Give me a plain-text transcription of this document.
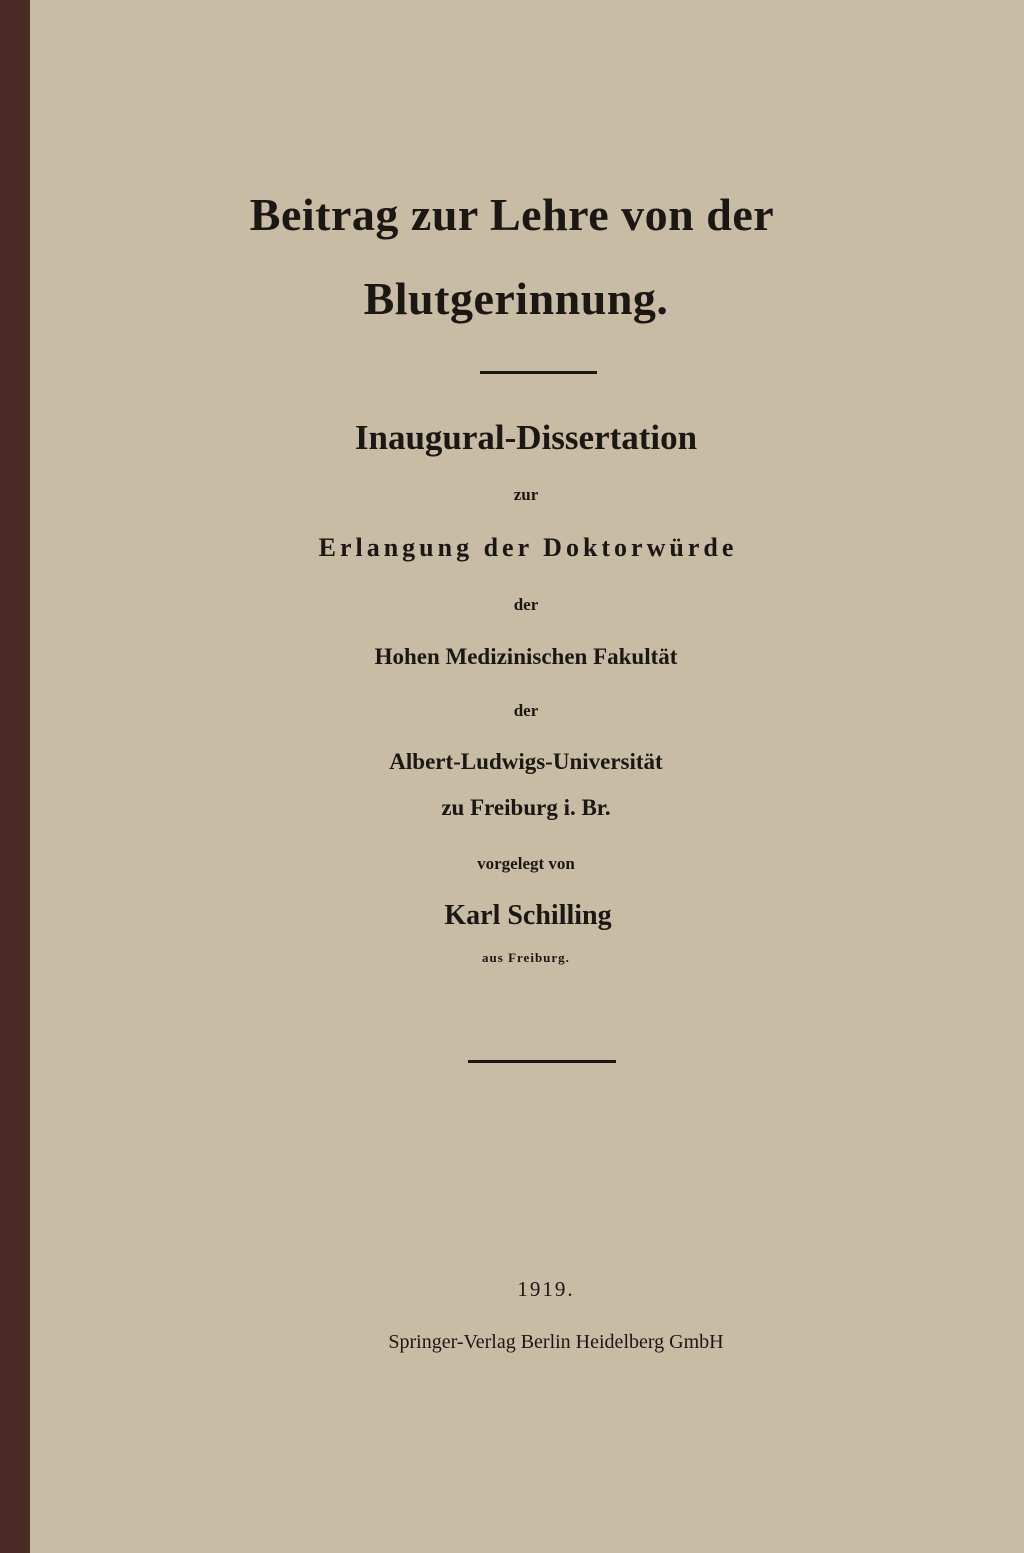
Beitrag zur Lehre von der
Blutgerinnung.
Inaugural-Dissertation
zur
Erlangung der Doktorwürde
der
Hohen Medizinischen Fakultät
der
Albert-Ludwigs-Universität
zu Freiburg i. Br.
vorgelegt von
Karl Schilling
aus Freiburg.
1919.
Springer-Verlag Berlin Heidelberg GmbH
